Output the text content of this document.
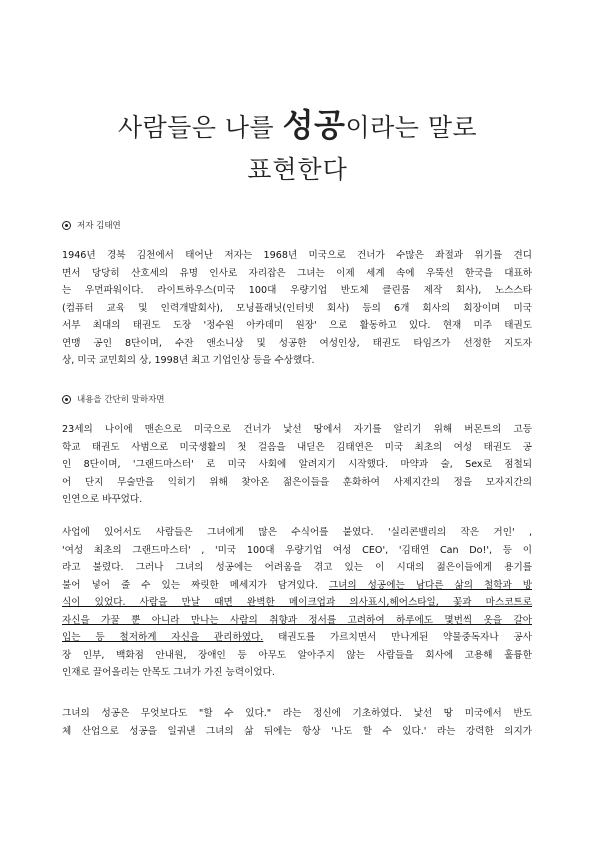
사람들은 나를 성공이라는 말로
표현한다
저자 김태연
1946년 경북 김천에서 태어난 저자는 1968년 미국으로 건너가 수많은 좌절과 위기를 견디
면서 당당히 산호세의 유명 인사로 자리잡은 그녀는 이제 세계 속에 우뚝선 한국을 대표하
는 우먼파워이다. 라이트하우스(미국 100대 우량기업 반도체 클린룸 제작 회사), 노스스타
(컴퓨터 교육 및 인력개발회사), 모닝플래닛(인터넷 회사) 등의 6개 회사의 회장이며 미국
서부 최대의 태권도 도장 '정수원 아카데미 원장' 으로 활동하고 있다. 현재 미주 태권도
연맹 공인 8단이며, 수잔 앤소니상 및 성공한 여성인상, 태권도 타임즈가 선정한 지도자
상, 미국 교민회의 상, 1998년 최고 기업인상 등을 수상했다.
내용을 간단히 말하자면
23세의 나이에 맨손으로 미국으로 건너가 낯선 땅에서 자기를 알리기 위해 버몬트의 고등
학교 태권도 사범으로 미국생활의 첫 걸음을 내딛은 김태연은 미국 최초의 여성 태권도 공
인 8단이며, '그랜드마스터' 로 미국 사회에 알려지기 시작했다. 마약과 술, Sex로 점철되
어 단지 무술만을 익히기 위해 찾아온 젊은이들을 훈화하여 사제지간의 정을 모자지간의
인연으로 바꾸었다.
사업에 있어서도 사람들은 그녀에게 많은 수식어를 붙였다. '실리콘밸리의 작은 거인' ,
'여성 최초의 그랜드마스터' , '미국 100대 우량기업 여성 CEO', '김태연 Can Do!', 등 이
라고 불렸다. 그러나 그녀의 성공에는 어려움을 겪고 있는 이 시대의 젊은이들에게 용기를
불어 넣어 줄 수 있는 짜릿한 메세지가 담겨있다. 그녀의 성공에는 남다른 삶의 철학과 방
식이 있었다. 사람을 만날 때면 완벽한 메이크업과 의사표시,헤어스타일, 꽃과 마스코트로
자신을 가꿀 뿐 아니라 만나는 사람의 취향과 정서를 고려하여 하루에도 몇번씩 옷을 갈아
입는 등 철저하게 자신을 관리하였다. 태권도를 가르치면서 만나게된 약물중독자나 공사
장 인부, 백화점 안내원, 장애인 등 아무도 알아주지 않는 사람들을 회사에 고용해 훌륭한
인재로 끌어올리는 안목도 그녀가 가진 능력이었다.
그녀의 성공은 무엇보다도 "할 수 있다." 라는 정신에 기초하였다. 낯선 땅 미국에서 반도
체 산업으로 성공을 일궈낸 그녀의 삶 뒤에는 항상 '나도 할 수 있다.' 라는 강력한 의지가
